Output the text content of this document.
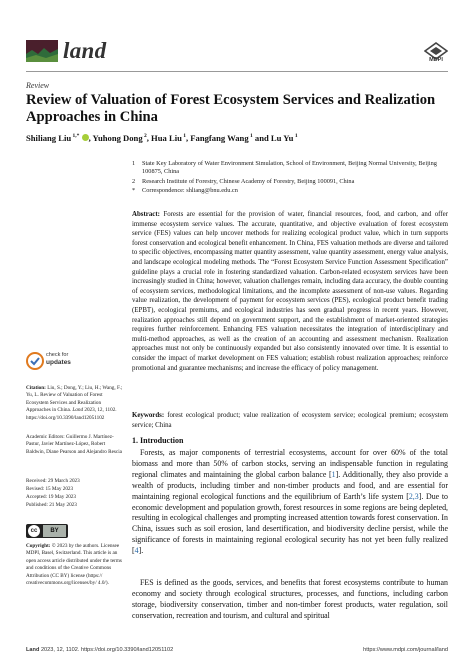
land	MDPI
Review
Review of Valuation of Forest Ecosystem Services and Realization Approaches in China
Shiliang Liu $^{1,*}$ , Yuhong Dong $^2$, Hua Liu $^1$, Fangfang Wang $^1$ and Lu Yu $^1$
1 State Key Laboratory of Water Environment Simulation, School of Environment, Beijing Normal University, Beijing 100875, China
2 Research Institute of Forestry, Chinese Academy of Forestry, Beijing 100091, China
* Correspondence: shliang@bnu.edu.cn
Abstract: Forests are essential for the provision of water, financial resources, food, and carbon, and offer immense ecosystem service values. The accurate, quantitative, and objective evaluation of forest ecosystem service (FES) values can help uncover methods for realizing ecological product value, which in turn supports forest conservation and ecological benefit enhancement. In China, FES valuation methods are diverse and tailored to specific objectives, encompassing matter quantity assessment, value quantity assessment, energy value analysis, and landscape ecological modeling methods. The “Forest Ecosystem Service Function Assessment Specification” guideline plays a crucial role in fostering standardized valuation. Carbon-related ecosystem services have been increasingly studied in China; however, valuation challenges remain, including data accuracy, the double counting of ecosystem services, methodological limitations, and the incomplete assessment of non-use values. Regarding value realization, the development of payment for ecosystem services (PES), ecological product benefit trading (EPBT), ecological premiums, and ecological industries has seen gradual progress in recent years. However, realization approaches still depend on government support, and the establishment of market-oriented strategies requires further reinforcement. Enhancing FES valuation necessitates the integration of interdisciplinary and multi-method approaches, as well as the creation of an accounting and assessment mechanism. Realization approaches must not only be continuously expanded but also consistently innovated over time. It is essential to consider the impact of market development on FES valuation; establish robust realization approaches; reinforce promotional and guarantee mechanisms; and increase the efficacy of policy management.
Keywords: forest ecological product; value realization of ecosystem service; ecological premium; ecosystem service; China
check for
updates
Citation: Liu, S.; Dong, Y.; Liu, H.; Wang, F.; Yu, L. Review of Valuation of Forest Ecosystem Services and Realization Approaches in China. Land 2023, 12, 1102. https://doi.org/10.3390/land12051102
Academic Editors: Guillermo J. Martínez-Pastur, Javier Martínez-López, Robert Baldwin, Diane Pearson and Alejandro Rescia
Received: 29 March 2023
Revised: 15 May 2023
Accepted: 19 May 2023
Published: 21 May 2023
cc	BY
Copyright: © 2023 by the authors. Licensee MDPI, Basel, Switzerland. This article is an open access article distributed under the terms and conditions of the Creative Commons Attribution (CC BY) license (https:// creativecommons.org/licenses/by/ 4.0/).
1. Introduction
Forests, as major components of terrestrial ecosystems, account for over 60% of the total biomass and more than 50% of carbon stocks, serving an indispensable function in regulating regional climates and maintaining the global carbon balance [1]. Additionally, they also provide a wealth of products, including timber and non-timber products and food, and are essential for maintaining regional ecological functions and the equilibrium of Earth’s life system [2,3]. Due to economic development and population growth, forest resources in some regions are being depleted, resulting in ecological challenges and prompting increased attention towards forest conservation. In China, issues such as soil erosion, land desertification, and biodiversity decline persist, while the significance of forests in maintaining regional ecological security has not yet been fully realized [4].
FES is defined as the goods, services, and benefits that forest ecosystems contribute to human economy and society through ecological structures, processes, and functions, including carbon storage, biodiversity conservation, timber and non-timber forest products, water regulation, soil conservation, recreation and tourism, and cultural and spiritual
Land 2023, 12, 1102. https://doi.org/10.3390/land12051102	https://www.mdpi.com/journal/land
